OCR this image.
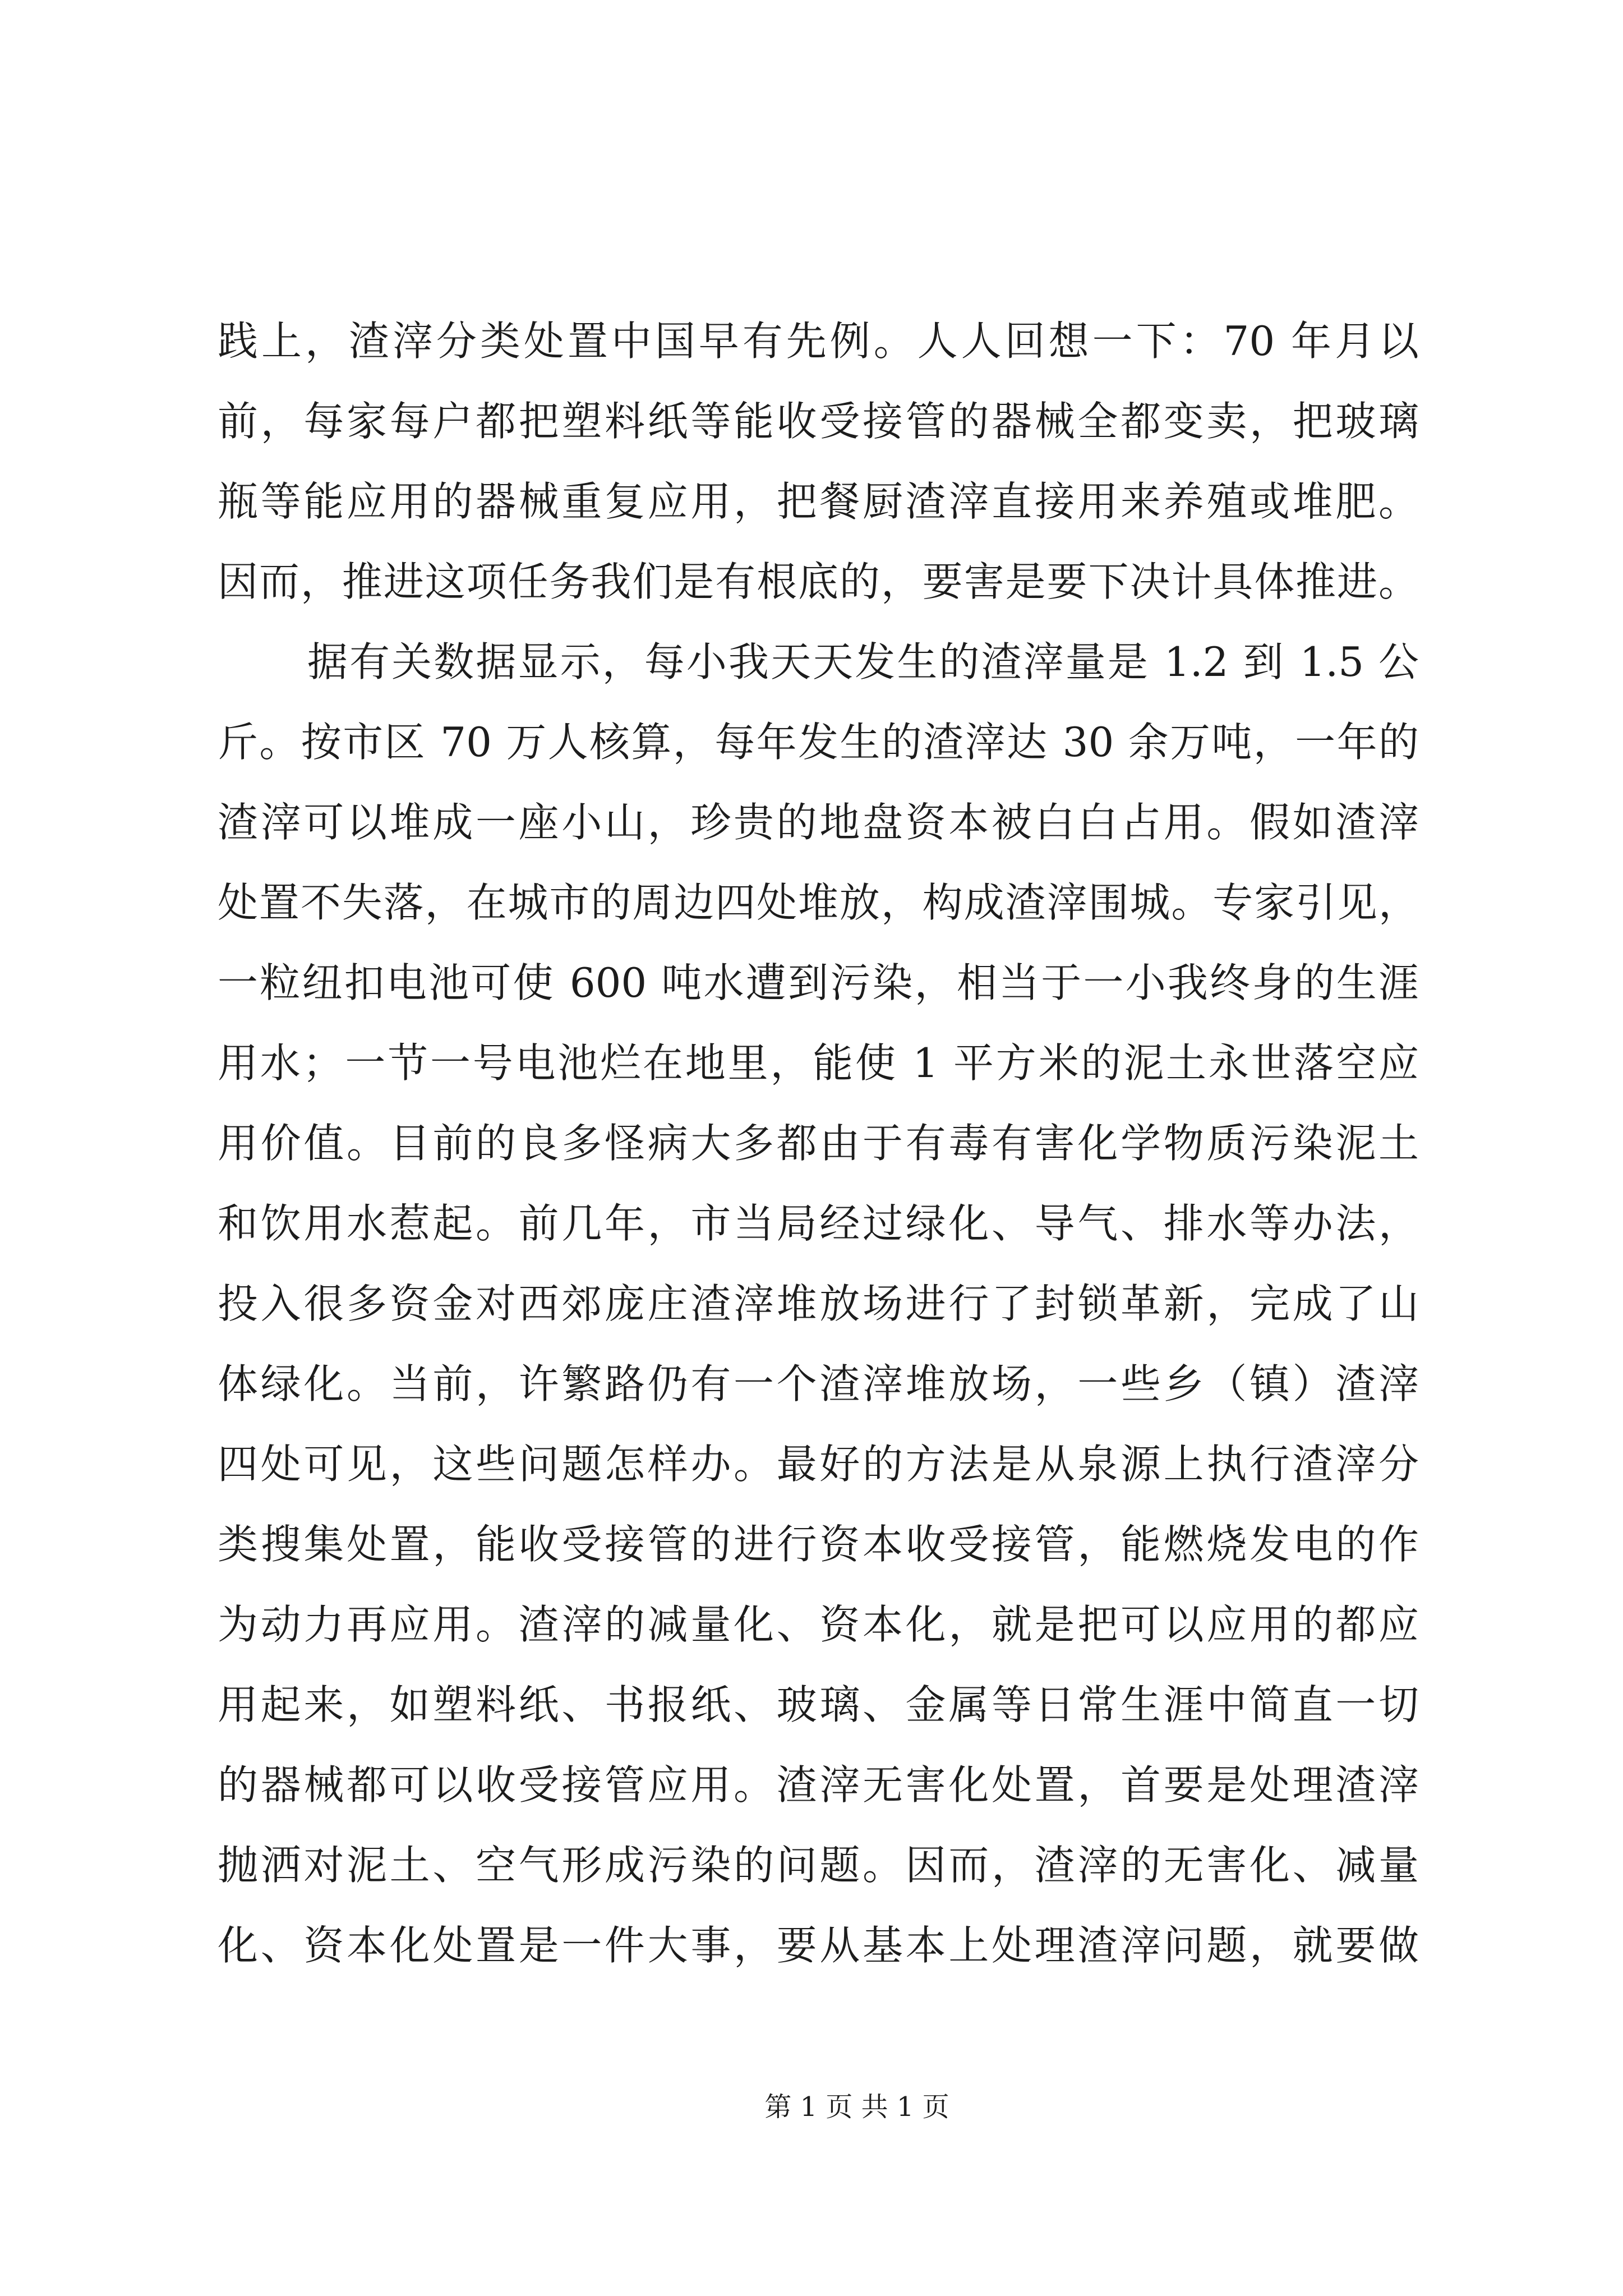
践上，渣滓分类处置中国早有先例。人人回想一下：70 年月以
前，每家每户都把塑料纸等能收受接管的器械全都变卖，把玻璃
瓶等能应用的器械重复应用，把餐厨渣滓直接用来养殖或堆肥。
因而，推进这项任务我们是有根底的，要害是要下决计具体推进。
据有关数据显示，每小我天天发生的渣滓量是 1.2 到 1.5 公
斤。按市区 70 万人核算，每年发生的渣滓达 30 余万吨，一年的
渣滓可以堆成一座小山，珍贵的地盘资本被白白占用。假如渣滓
处置不失落，在城市的周边四处堆放，构成渣滓围城。专家引见，
一粒纽扣电池可使 600 吨水遭到污染，相当于一小我终身的生涯
用水；一节一号电池烂在地里，能使 1 平方米的泥土永世落空应
用价值。目前的良多怪病大多都由于有毒有害化学物质污染泥土
和饮用水惹起。前几年，市当局经过绿化、导气、排水等办法，
投入很多资金对西郊庞庄渣滓堆放场进行了封锁革新，完成了山
体绿化。当前，许繁路仍有一个渣滓堆放场，一些乡（镇）渣滓
四处可见，这些问题怎样办。最好的方法是从泉源上执行渣滓分
类搜集处置，能收受接管的进行资本收受接管，能燃烧发电的作
为动力再应用。渣滓的减量化、资本化，就是把可以应用的都应
用起来，如塑料纸、书报纸、玻璃、金属等日常生涯中简直一切
的器械都可以收受接管应用。渣滓无害化处置，首要是处理渣滓
抛洒对泥土、空气形成污染的问题。因而，渣滓的无害化、减量
化、资本化处置是一件大事，要从基本上处理渣滓问题，就要做
第 1 页 共 1 页
